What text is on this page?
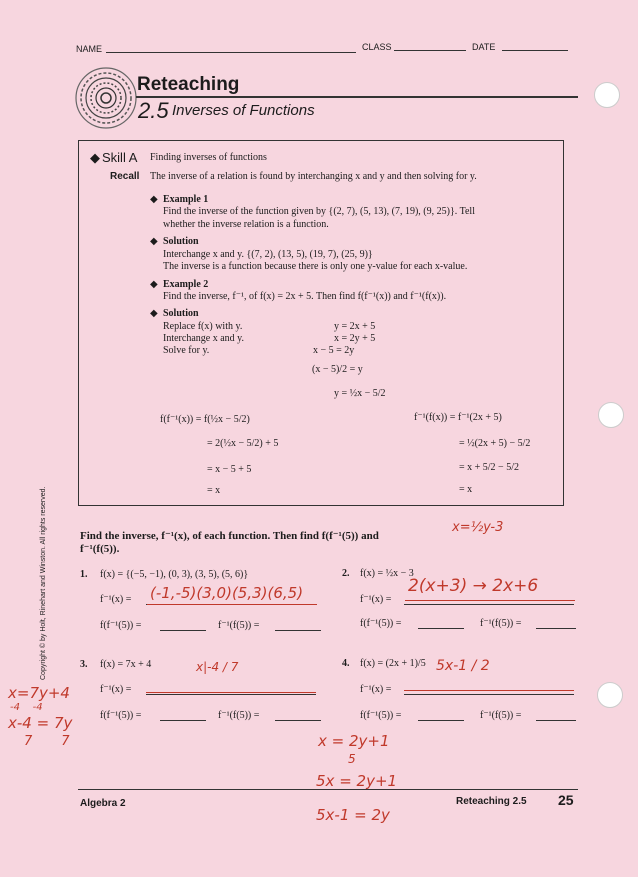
NAME	CLASS	DATE
Reteaching
2.5 Inverses of Functions
◆ Skill A Finding inverses of functions
Recall The inverse of a relation is found by interchanging x and y and then solving for y.
◆ Example 1
Find the inverse of the function given by {(2, 7), (5, 13), (7, 19), (9, 25)}. Tell
whether the inverse relation is a function.
◆ Solution
Interchange x and y. {(7, 2), (13, 5), (19, 7), (25, 9)}
The inverse is a function because there is only one y-value for each x-value.
◆ Example 2
Find the inverse, f⁻¹, of f(x) = 2x + 5. Then find f(f⁻¹(x)) and f⁻¹(f(x)).
◆ Solution
Replace f(x) with y.	y = 2x + 5
Interchange x and y.	x = 2y + 5
Solve for y.	x − 5 = 2y
(x − 5)/2 = y
y = ½x − 5/2
f(f⁻¹(x)) = f(½x − 5/2)
= 2(½x − 5/2) + 5
= x − 5 + 5
= x
f⁻¹(f(x)) = f⁻¹(2x + 5)
= ½(2x + 5) − 5/2
= x + 5/2 − 5/2
= x
Copyright © by Holt, Rinehart and Winston. All rights reserved.	Find the inverse, f⁻¹(x), of each function. Then find f(f⁻¹(5)) and
f⁻¹(f(5)).
1. f(x) = {(−5, −1), (0, 3), (3, 5), (5, 6)}
f⁻¹(x) =
f(f⁻¹(5)) =	f⁻¹(f(5)) =
2. f(x) = ½x − 3
f⁻¹(x) =
f(f⁻¹(5)) =	f⁻¹(f(5)) =
3. f(x) = 7x + 4
f⁻¹(x) =
f(f⁻¹(5)) =	f⁻¹(f(5)) =
4. f(x) = (2x + 1)/5
f⁻¹(x) =
f(f⁻¹(5)) =	f⁻¹(f(5)) =
(-1,-5)(3,0)(5,3)(6,5)	2(x+3) → 2x+6
x=½y-3
x|-4 / 7	5x-1 / 2
x=7y+4
-4    -4
x-4 = 7y
7       7	x = 2y+1
5
5x = 2y+1
5x-1 = 2y
Algebra 2	Reteaching 2.5 25
